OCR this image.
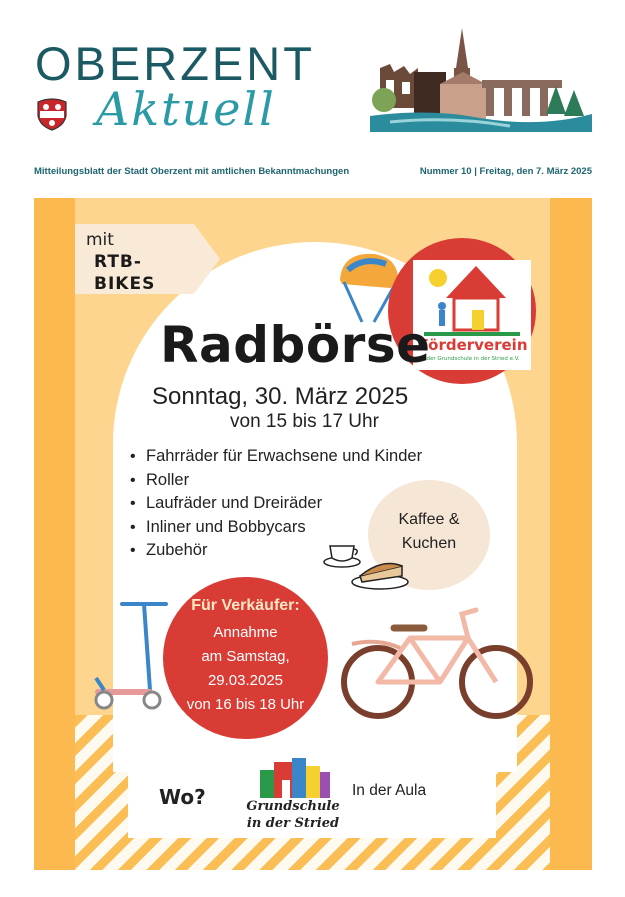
OBERZENT
Aktuell
Mitteilungsblatt der Stadt Oberzent mit amtlichen Bekanntmachungen	Nummer 10 | Freitag, den 7. März 2025
mit
RTB-BIKES
Förderverein
der Grundschule in der Stried e.V.
Radbörse
Sonntag, 30. März 2025
von 15 bis 17 Uhr
• Fahrräder für Erwachsene und Kinder
• Roller
• Laufräder und Dreiräder
• Inliner und Bobbycars
• Zubehör
Kaffee &
Kuchen
Für Verkäufer:
Annahme
am Samstag,
29.03.2025
von 16 bis 18 Uhr
Wo?	Grundschule
in der Stried
In der Aula
